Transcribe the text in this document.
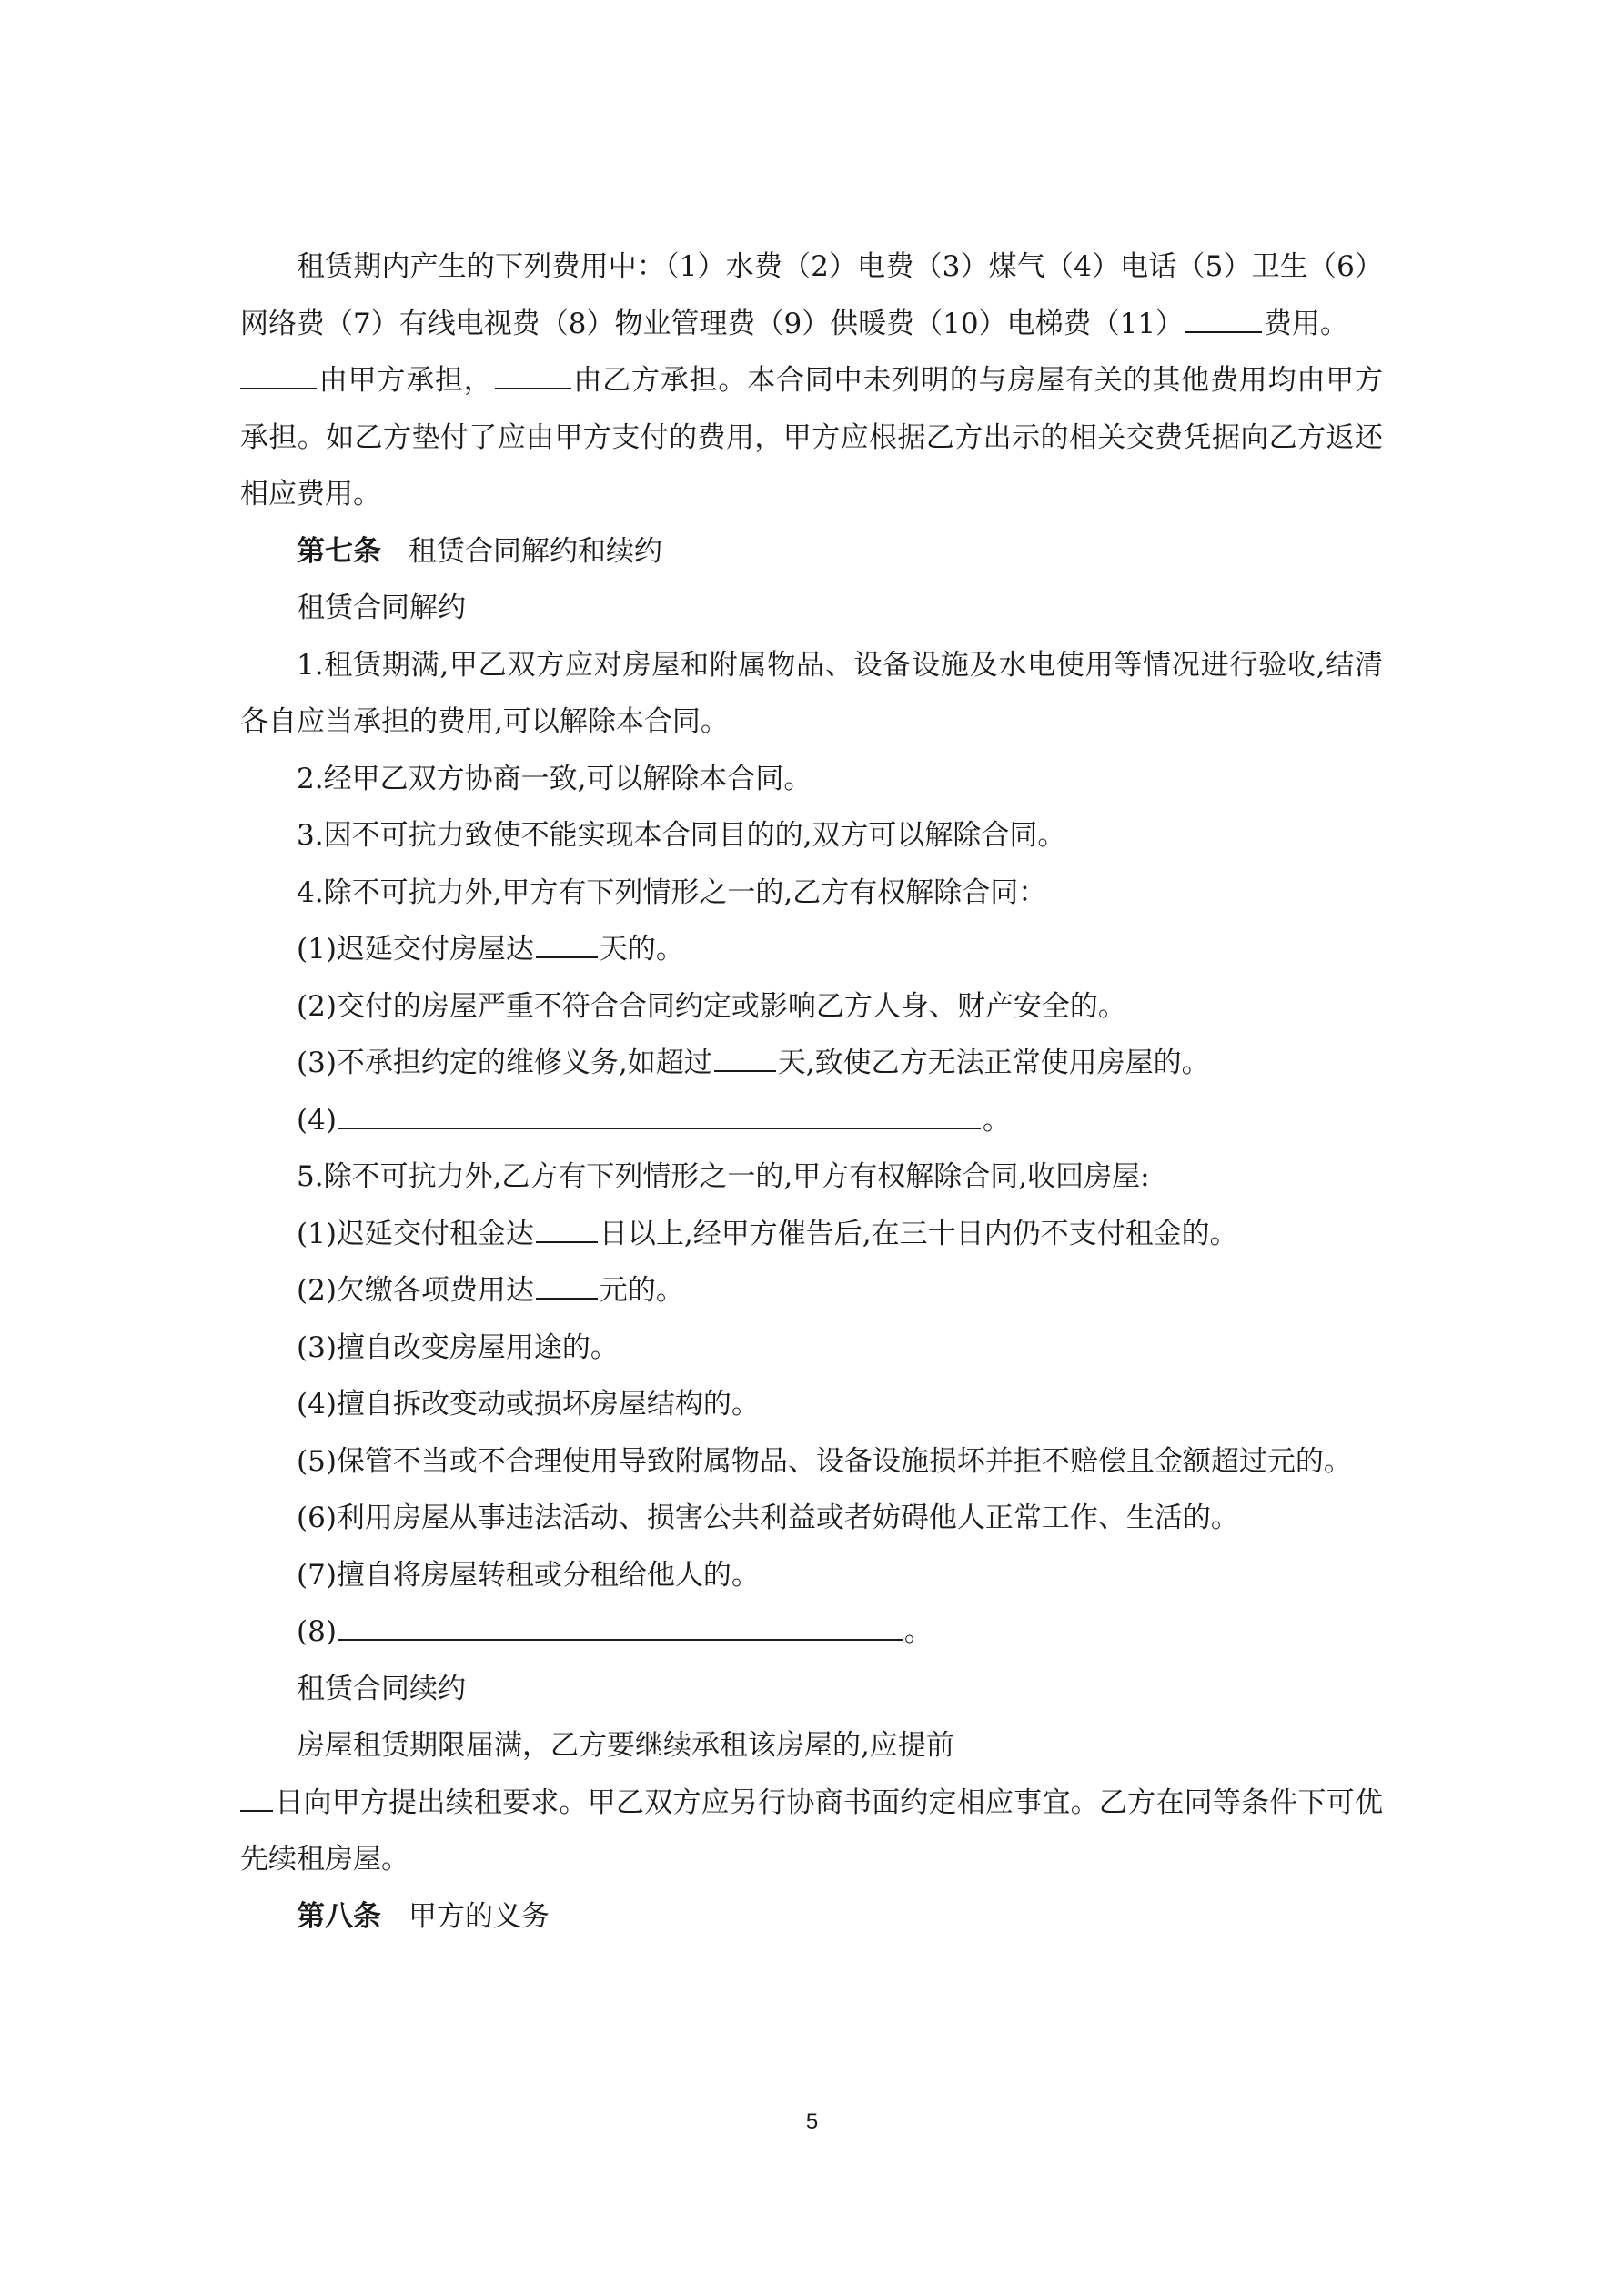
租赁期内产生的下列费用中：（1）水费（2）电费（3）煤气（4）电话（5）卫生（6）网络费（7）有线电视费（8）物业管理费（9）供暖费（10）电梯费（11）	费用。

由甲方承担，	由乙方承担。本合同中未列明的与房屋有关的其他费用均由甲方承担。如乙方垫付了应由甲方支付的费用，甲方应根据乙方出示的相关交费凭据向乙方返还相应费用。

第七条 租赁合同解约和续约

租赁合同解约

1.租赁期满,甲乙双方应对房屋和附属物品、设备设施及水电使用等情况进行验收,结清各自应当承担的费用,可以解除本合同。

2.经甲乙双方协商一致,可以解除本合同。

3.因不可抗力致使不能实现本合同目的的,双方可以解除合同。

4.除不可抗力外,甲方有下列情形之一的,乙方有权解除合同：

(1)迟延交付房屋达 天的。

(2)交付的房屋严重不符合合同约定或影响乙方人身、财产安全的。

(3)不承担约定的维修义务,如超过 天,致使乙方无法正常使用房屋的。

(4)	。

5.除不可抗力外,乙方有下列情形之一的,甲方有权解除合同,收回房屋:

(1)迟延交付租金达 日以上,经甲方催告后,在三十日内仍不支付租金的。

(2)欠缴各项费用达 元的。

(3)擅自改变房屋用途的。

(4)擅自拆改变动或损坏房屋结构的。

(5)保管不当或不合理使用导致附属物品、设备设施损坏并拒不赔偿且金额超过元的。

(6)利用房屋从事违法活动、损害公共利益或者妨碍他人正常工作、生活的。

(7)擅自将房屋转租或分租给他人的。

(8)	。

租赁合同续约

房屋租赁期限届满，乙方要继续承租该房屋的,应提前

日向甲方提出续租要求。甲乙双方应另行协商书面约定相应事宜。乙方在同等条件下可优先续租房屋。

第八条 甲方的义务

5
